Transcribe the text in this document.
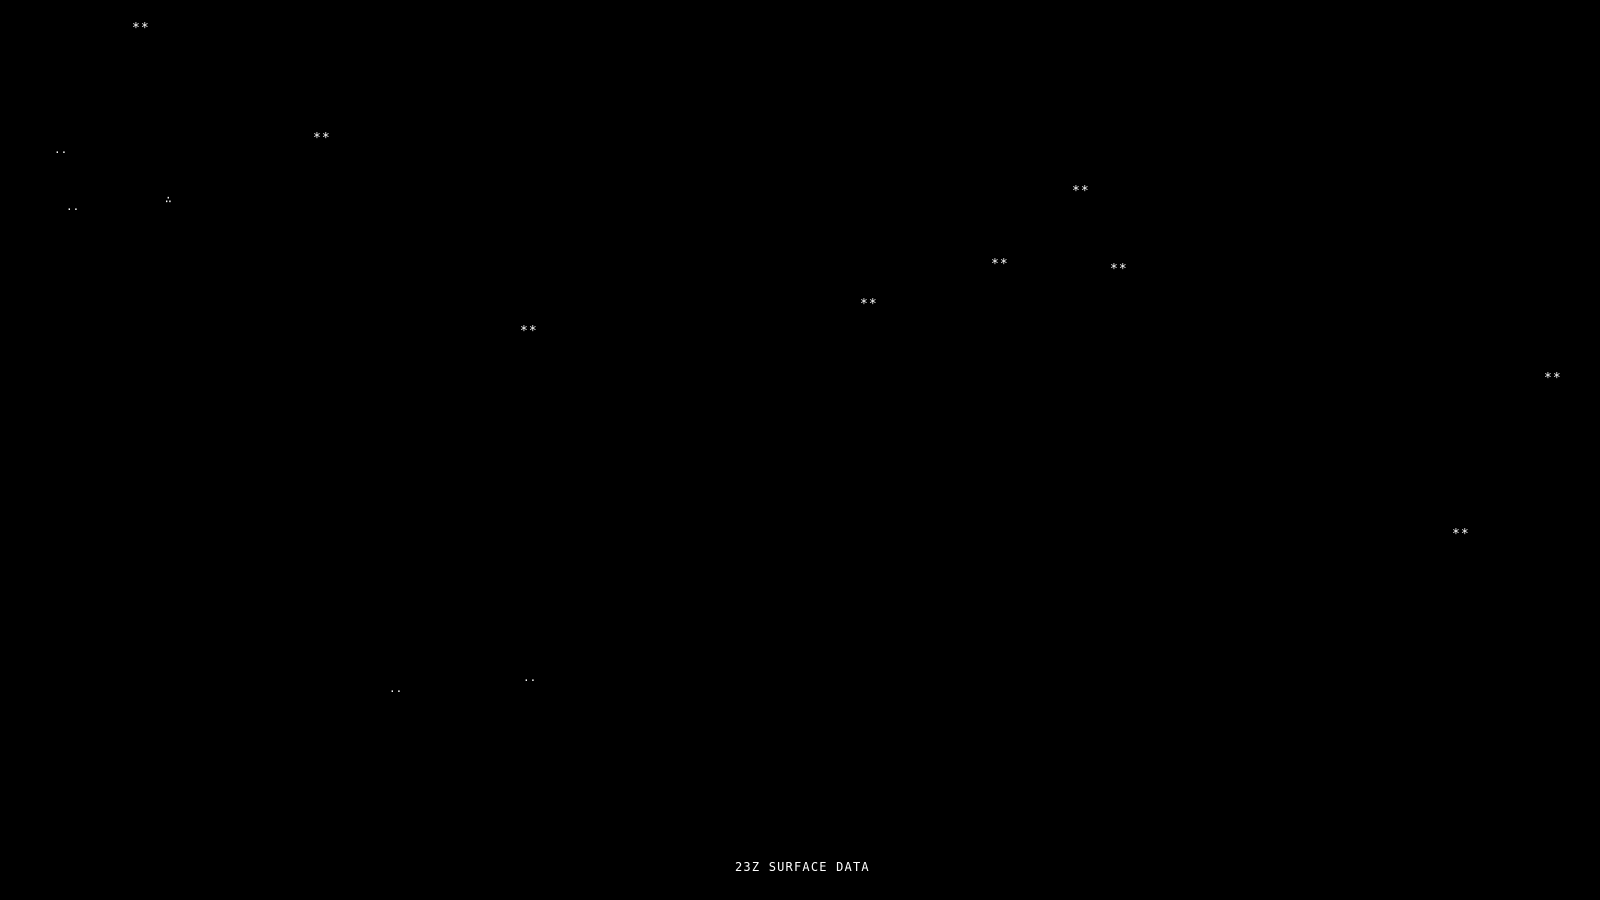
**
**
..
..
∴
**
**	**
**
**
**
**
..
..
23Z SURFACE DATA
